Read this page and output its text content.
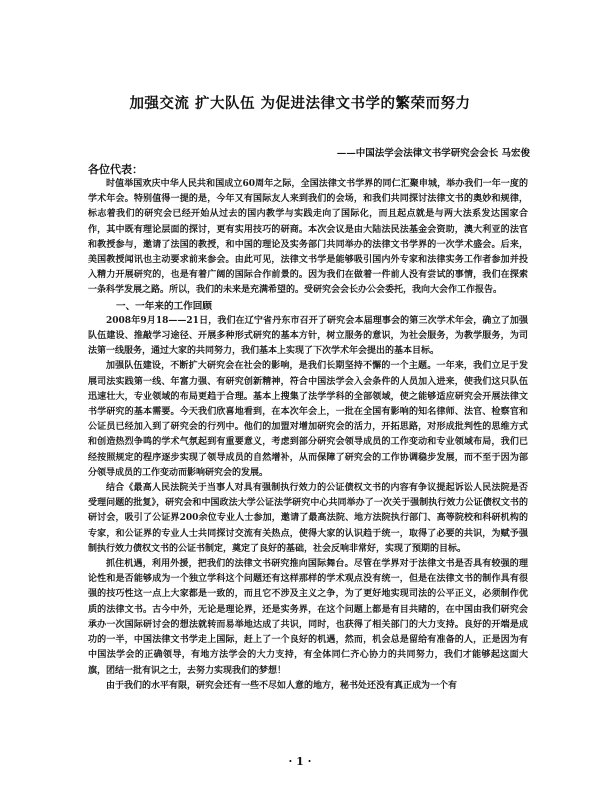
加强交流 扩大队伍 为促进法律文书学的繁荣而努力

——中国法学会法律文书学研究会会长 马宏俊

各位代表：

时值举国欢庆中华人民共和国成立60周年之际，全国法律文书学界的同仁汇聚申城，举办我们一年一度的学术年会。特别值得一提的是，今年又有国际友人来到我们的会场，和我们共同探讨法律文书的奥妙和规律，标志着我们的研究会已经开始从过去的国内教学与实践走向了国际化，而且起点就是与两大法系发达国家合作，其中既有理论层面的探讨，更有实用技巧的研商。本次会议是由大陆法民法基金会资助，澳大利亚的法官和教授参与，邀请了法国的教授，和中国的理论及实务部门共同举办的法律文书学界的一次学术盛会。后来，美国教授闻讯也主动要求前来参会。由此可见，法律文书学是能够吸引国内外专家和法律实务工作者参加并投入精力开展研究的，也是有着广阔的国际合作前景的。因为我们在做着一件前人没有尝试的事情，我们在探索一条科学发展之路。所以，我们的未来是充满希望的。受研究会会长办公会委托，我向大会作工作报告。

一、一年来的工作回顾

2008年9月18——21日，我们在辽宁省丹东市召开了研究会本届理事会的第三次学术年会，确立了加强队伍建设、推敲学习途径、开展多种形式研究的基本方针，树立服务的意识，为社会服务，为教学服务，为司法第一线服务，通过大家的共同努力，我们基本上实现了下次学术年会提出的基本目标。

加强队伍建设，不断扩大研究会在社会的影响，是我们长期坚持不懈的一个主题。一年来，我们立足于发展司法实践第一线、年富力强、有研究创新精神，符合中国法学会入会条件的人员加入进来，使我们这只队伍迅速壮大，专业领域的布局更趋于合理。基本上搜集了法学学科的全部领域，使之能够适应研究会开展法律文书学研究的基本需要。今天我们欣喜地看到，在本次年会上，一批在全国有影响的知名律师、法官、检察官和公证员已经加入到了研究会的行列中。他们的加盟对增加研究会的活力，开拓思路，对形成批判性的思维方式和创造热烈争鸣的学术气氛起到有重要意义，考虑到部分研究会领导成员的工作变动和专业领域布局，我们已经按照规定的程序逐步实现了领导成员的自然增补，从而保障了研究会的工作协调稳步发展，而不至于因为部分领导成员的工作变动而影响研究会的发展。

结合《最高人民法院关于当事人对具有强制执行效力的公证债权文书的内容有争议提起诉讼人民法院是否受理问题的批复》，研究会和中国政法大学公证法学研究中心共同举办了一次关于强制执行效力公证债权文书的研讨会，吸引了公证界200余位专业人士参加，邀请了最高法院、地方法院执行部门、高等院校和科研机构的专家，和公证界的专业人士共同探讨交流有关热点，使得大家的认识趋于统一，取得了必要的共识，为赋予强制执行效力债权文书的公证书制定，奠定了良好的基础，社会反响非常好，实现了预期的目标。

抓住机遇，利用外援，把我们的法律文书研究推向国际舞台。尽管在学界对于法律文书是否具有较强的理论性和是否能够成为一个独立学科这个问题还有这样那样的学术观点没有统一，但是在法律文书的制作具有很强的技巧性这一点上大家都是一致的，而且它不涉及主义之争，为了更好地实现司法的公平正义，必须制作优质的法律文书。古今中外，无论是理论界，还是实务界，在这个问题上都是有目共睹的，在中国由我们研究会承办一次国际研讨会的想法就转而易举地达成了共识，同时，也获得了相关部门的大力支持。良好的开端是成功的一半，中国法律文书学走上国际，赶上了一个良好的机遇，然而，机会总是留给有准备的人，正是因为有中国法学会的正确领导，有地方法学会的大力支持，有全体同仁齐心协力的共同努力，我们才能够起这面大旗，团结一批有识之士，去努力实现我们的梦想！

由于我们的水平有限，研究会还有一些不尽如人意的地方，秘书处还没有真正成为一个有

· 1 ·
